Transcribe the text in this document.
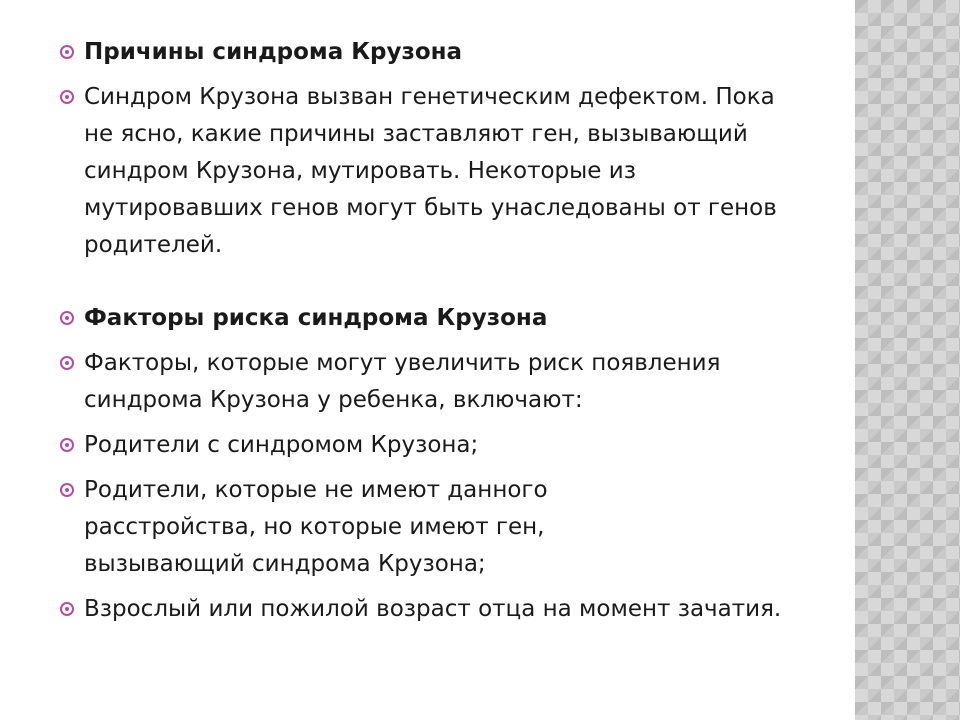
Причины синдрома Крузона
Синдром Крузона вызван генетическим дефектом. Пока не ясно, какие причины заставляют ген, вызывающий синдром Крузона, мутировать. Некоторые из мутировавших генов могут быть унаследованы от генов родителей.
Факторы риска синдрома Крузона
Факторы, которые могут увеличить риск появления синдрома Крузона у ребенка, включают:
Родители с синдромом Крузона;
Родители, которые не имеют данного расстройства, но которые имеют ген, вызывающий синдрома Крузона;
Взрослый или пожилой возраст отца на момент зачатия.
